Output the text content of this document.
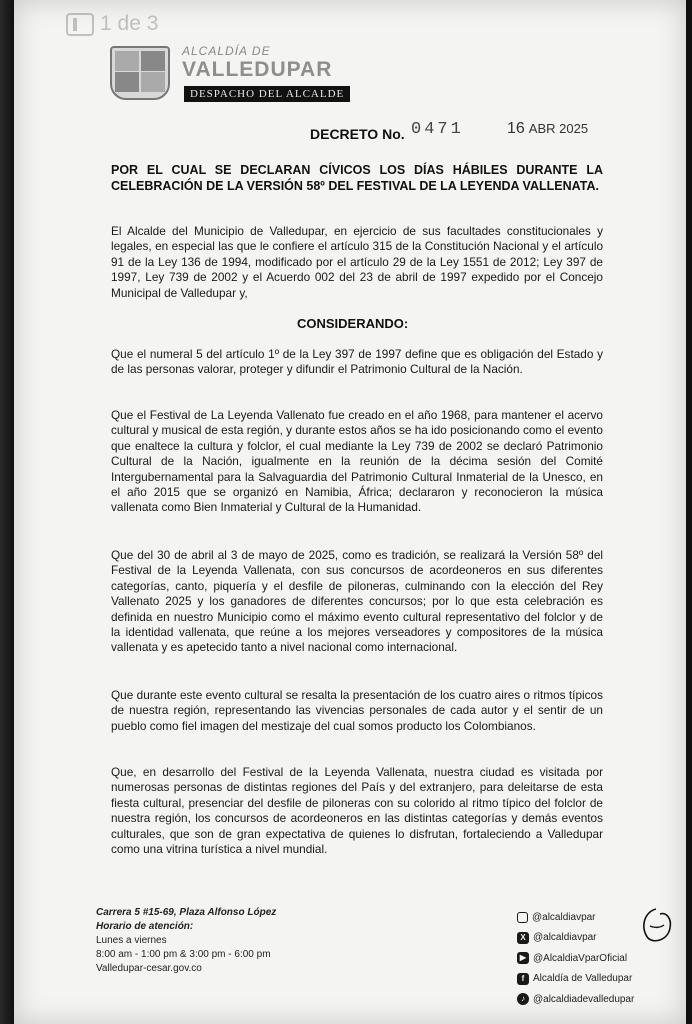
1 de 3
ALCALDÍA DE
VALLEDUPAR
DESPACHO DEL ALCALDE
DECRETO No. 0471	16 ABR 2025

POR EL CUAL SE DECLARAN CÍVICOS LOS DÍAS HÁBILES DURANTE LA CELEBRACIÓN DE LA VERSIÓN 58º DEL FESTIVAL DE LA LEYENDA VALLENATA.

El Alcalde del Municipio de Valledupar, en ejercicio de sus facultades constitucionales y legales, en especial las que le confiere el artículo 315 de la Constitución Nacional y el artículo 91 de la Ley 136 de 1994, modificado por el artículo 29 de la Ley 1551 de 2012; Ley 397 de 1997, Ley 739 de 2002 y el Acuerdo 002 del 23 de abril de 1997 expedido por el Concejo Municipal de Valledupar y,

CONSIDERANDO:

Que el numeral 5 del artículo 1º de la Ley 397 de 1997 define que es obligación del Estado y de las personas valorar, proteger y difundir el Patrimonio Cultural de la Nación.

Que el Festival de La Leyenda Vallenato fue creado en el año 1968, para mantener el acervo cultural y musical de esta región, y durante estos años se ha ido posicionando como el evento que enaltece la cultura y folclor, el cual mediante la Ley 739 de 2002 se declaró Patrimonio Cultural de la Nación, igualmente en la reunión de la décima sesión del Comité Intergubernamental para la Salvaguardia del Patrimonio Cultural Inmaterial de la Unesco, en el año 2015 que se organizó en Namibia, África; declararon y reconocieron la música vallenata como Bien Inmaterial y Cultural de la Humanidad.

Que del 30 de abril al 3 de mayo de 2025, como es tradición, se realizará la Versión 58º del Festival de la Leyenda Vallenata, con sus concursos de acordeoneros en sus diferentes categorías, canto, piquería y el desfile de piloneras, culminando con la elección del Rey Vallenato 2025 y los ganadores de diferentes concursos; por lo que esta celebración es definida en nuestro Municipio como el máximo evento cultural representativo del folclor y de la identidad vallenata, que reúne a los mejores verseadores y compositores de la música vallenata y es apetecido tanto a nivel nacional como internacional.

Que durante este evento cultural se resalta la presentación de los cuatro aires o ritmos típicos de nuestra región, representando las vivencias personales de cada autor y el sentir de un pueblo como fiel imagen del mestizaje del cual somos producto los Colombianos.

Que, en desarrollo del Festival de la Leyenda Vallenata, nuestra ciudad es visitada por numerosas personas de distintas regiones del País y del extranjero, para deleitarse de esta fiesta cultural, presenciar del desfile de piloneras con su colorido al ritmo típico del folclor de nuestra región, los concursos de acordeoneros en las distintas categorías y demás eventos culturales, que son de gran expectativa de quienes lo disfrutan, fortaleciendo a Valledupar como una vitrina turística a nivel mundial.

Carrera 5 #15-69, Plaza Alfonso López
Horario de atención:
Lunes a viernes
8:00 am - 1:00 pm & 3:00 pm - 6:00 pm
Valledupar-cesar.gov.co
@alcaldiavpar
X @alcaldiavpar
▶ @AlcaldiaVparOficial
f Alcaldía de Valledupar
♪ @alcaldiadevalledupar
